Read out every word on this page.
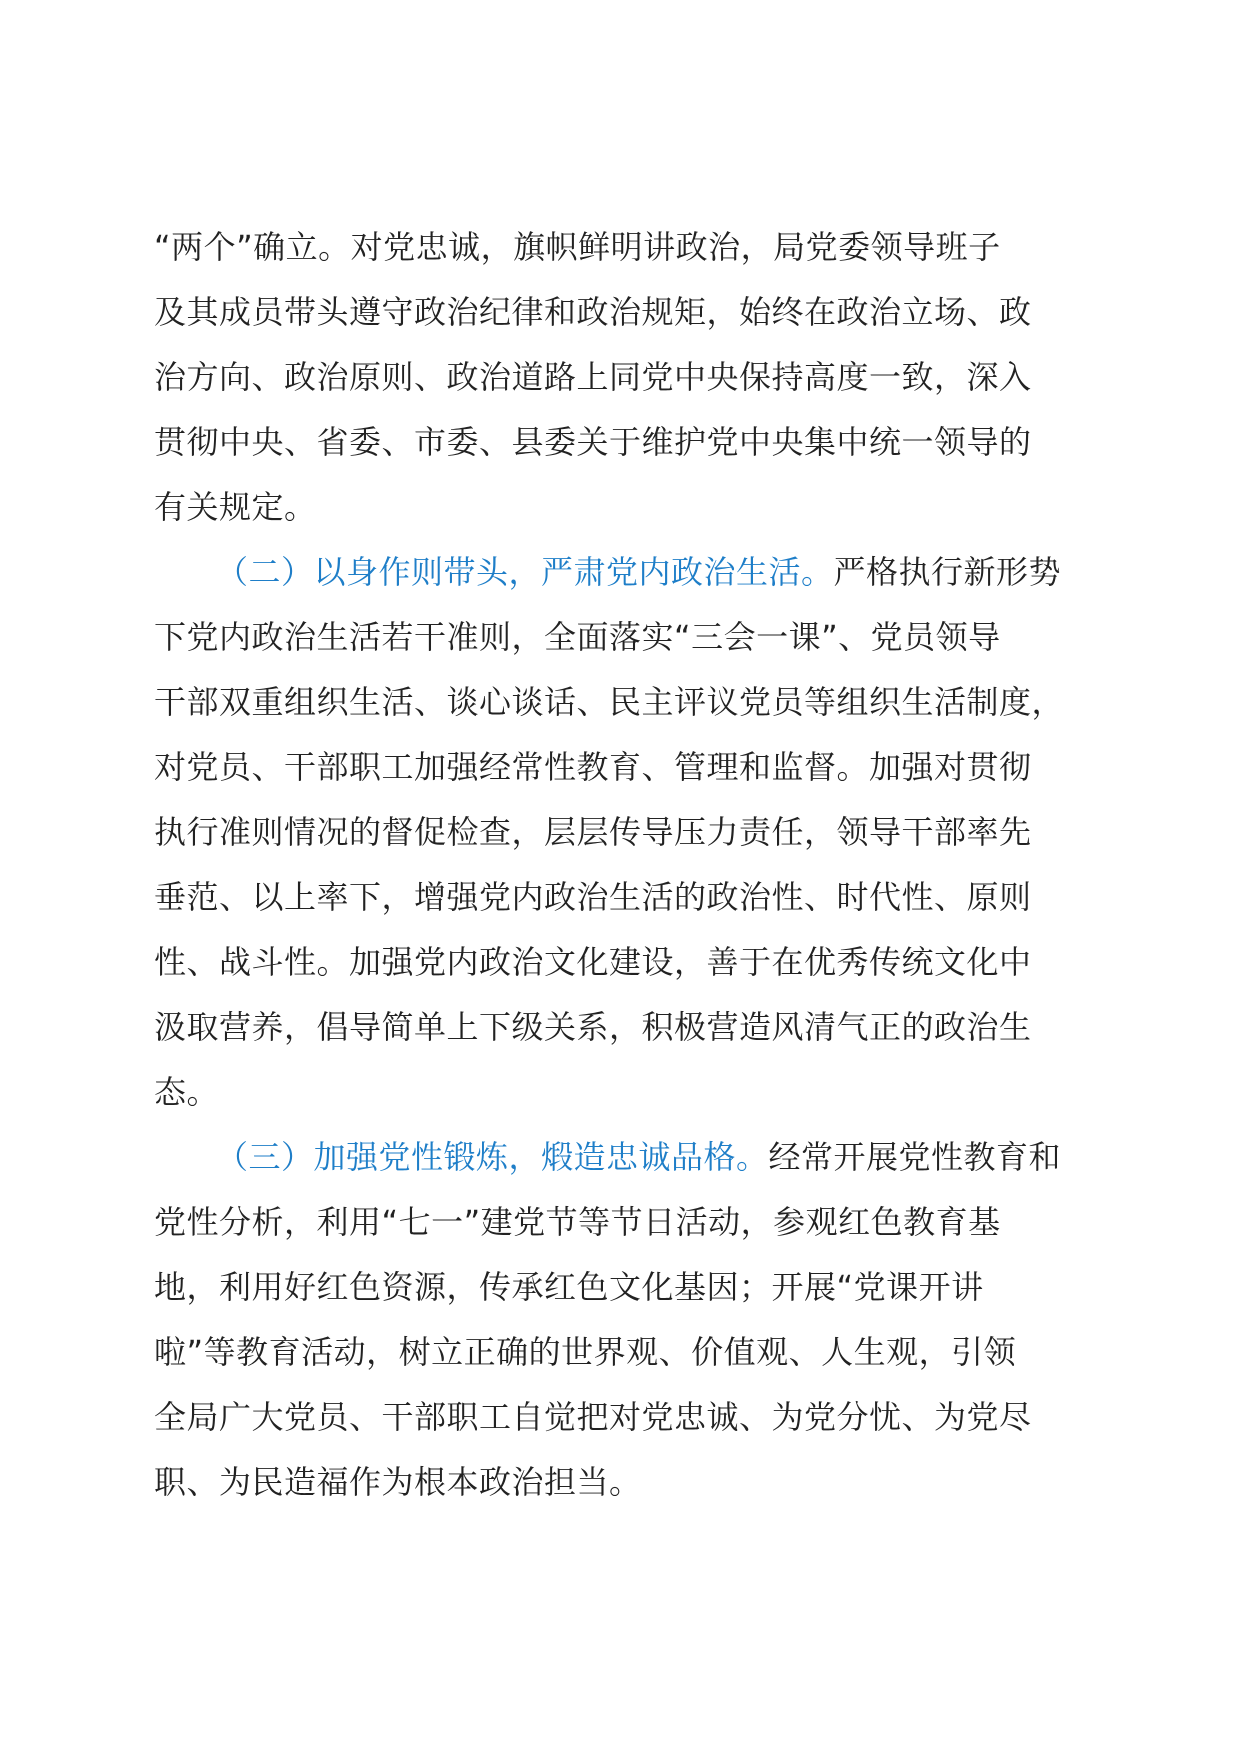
“两个”确立。对党忠诚，旗帜鲜明讲政治，局党委领导班子
及其成员带头遵守政治纪律和政治规矩，始终在政治立场、政
治方向、政治原则、政治道路上同党中央保持高度一致，深入
贯彻中央、省委、市委、县委关于维护党中央集中统一领导的
有关规定。
（二）以身作则带头，严肃党内政治生活。严格执行新形势
下党内政治生活若干准则，全面落实“三会一课”、党员领导
干部双重组织生活、谈心谈话、民主评议党员等组织生活制度，
对党员、干部职工加强经常性教育、管理和监督。加强对贯彻
执行准则情况的督促检查，层层传导压力责任，领导干部率先
垂范、以上率下，增强党内政治生活的政治性、时代性、原则
性、战斗性。加强党内政治文化建设，善于在优秀传统文化中
汲取营养，倡导简单上下级关系，积极营造风清气正的政治生
态。
（三）加强党性锻炼，煅造忠诚品格。经常开展党性教育和
党性分析，利用“七一”建党节等节日活动，参观红色教育基
地，利用好红色资源，传承红色文化基因；开展“党课开讲
啦”等教育活动，树立正确的世界观、价值观、人生观，引领
全局广大党员、干部职工自觉把对党忠诚、为党分忧、为党尽
职、为民造福作为根本政治担当。
